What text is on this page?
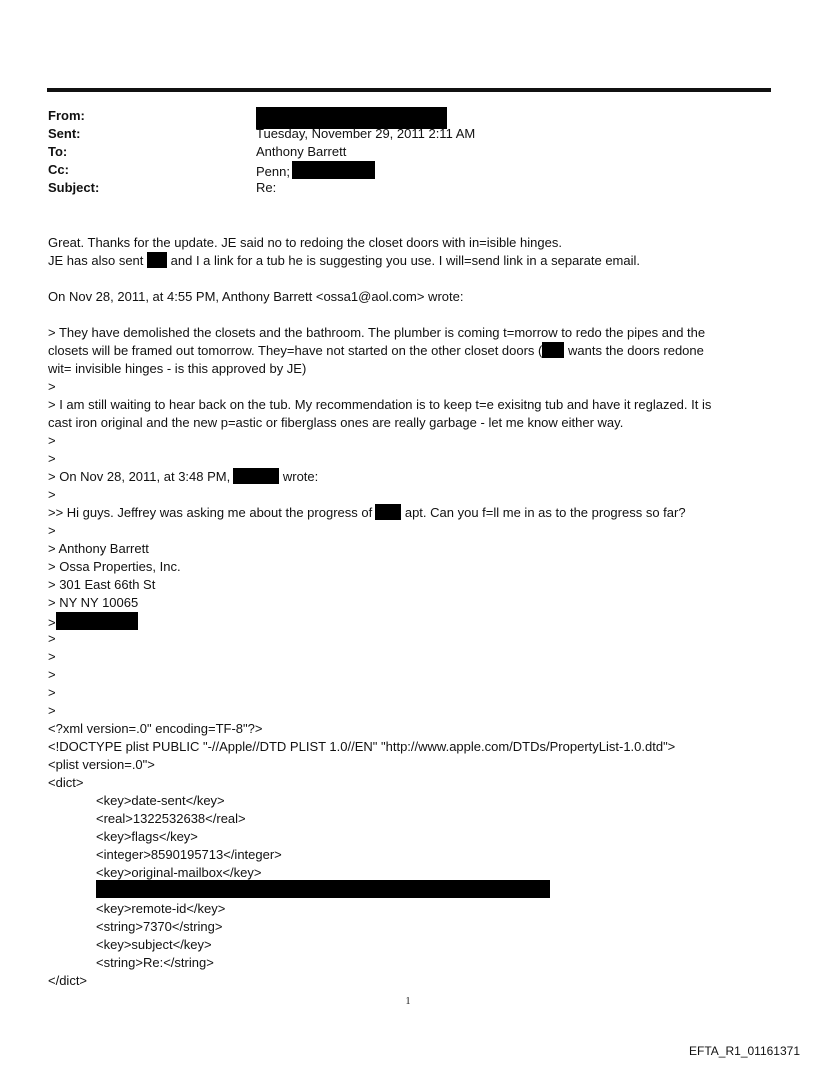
From:
Sent:	Tuesday, November 29, 2011 2:11 AM
To:	Anthony Barrett
Cc:	Penn;
Subject:	Re:
Great. Thanks for the update. JE said no to redoing the closet doors with in=isible hinges.
JE has also sent and I a link for a tub he is suggesting you use. I will=send link in a separate email.
On Nov 28, 2011, at 4:55 PM, Anthony Barrett <ossa1@aol.com> wrote:
> They have demolished the closets and the bathroom. The plumber is coming t=morrow to redo the pipes and the
closets will be framed out tomorrow. They=have not started on the other closet doors ( wants the doors redone
wit= invisible hinges - is this approved by JE)
>
> I am still waiting to hear back on the tub. My recommendation is to keep t=e exisitng tub and have it reglazed. It is
cast iron original and the new p=astic or fiberglass ones are really garbage - let me know either way.
>
>
> On Nov 28, 2011, at 3:48 PM,	wrote:
>
>> Hi guys. Jeffrey was asking me about the progress of	apt. Can you f=ll me in as to the progress so far?
>
> Anthony Barrett
> Ossa Properties, Inc.
> 301 East 66th St
> NY NY 10065
>
>
>
>
>
>
<?xml version=.0" encoding=TF-8"?>
<!DOCTYPE plist PUBLIC "-//Apple//DTD PLIST 1.0//EN" "http://www.apple.com/DTDs/PropertyList-1.0.dtd">
<plist version=.0">
<dict>
<key>date-sent</key>
<real>1322532638</real>
<key>flags</key>
<integer>8590195713</integer>
<key>original-mailbox</key>
<key>remote-id</key>
<string>7370</string>
<key>subject</key>
<string>Re:</string>
</dict>
1
EFTA_R1_01161371
